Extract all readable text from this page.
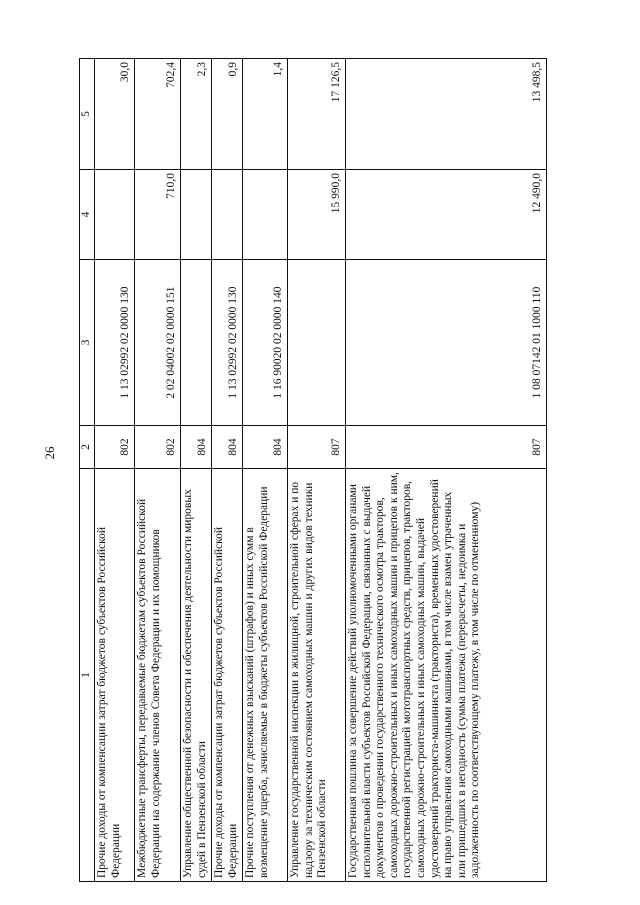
26
1	2	3	4	5
Прочие доходы от компенсации затрат бюджетов субъектов Российской Федерации	802	1 13 02992 02 0000 130		30,0
Межбюджетные трансферты, передаваемые бюджетам субъектов Российской Федерации на содержание членов Совета Федерации и их помощников	802	2 02 04002 02 0000 151	710,0	702,4
Управление общественной безопасности и обеспечения деятельности мировых судей в Пензенской области	804			2,3
Прочие доходы от компенсации затрат бюджетов субъектов Российской Федерации	804	1 13 02992 02 0000 130		0,9
Прочие поступления от денежных взысканий (штрафов) и иных сумм в возмещение ущерба, зачисляемые в бюджеты субъектов Российской Федерации	804	1 16 90020 02 0000 140		1,4
Управление государственной инспекции в жилищной, строительной сферах и по надзору за техническим состоянием самоходных машин и других видов техники Пензенской области	807		15 990,0	17 126,5
Государственная пошлина за совершение действий уполномоченными органами исполнительной власти субъектов Российской Федерации, связанных с выдачей документов о проведении государственного технического осмотра тракторов, самоходных дорожно-строительных и иных самоходных машин и прицепов к ним, государственной регистрацией мототранспортных средств, прицепов, тракторов, самоходных дорожно-строительных и иных самоходных машин, выдачей удостоверений тракториста-машиниста (тракториста), временных удостоверений на право управления самоходными машинами, в том числе взамен утраченных или пришедших в негодность (сумма платежа (перерасчеты, недоимка и задолженность по соответствующему платежу, в том числе по отмененному)	807	1 08 07142 01 1000 110	12 490,0	13 498,5
